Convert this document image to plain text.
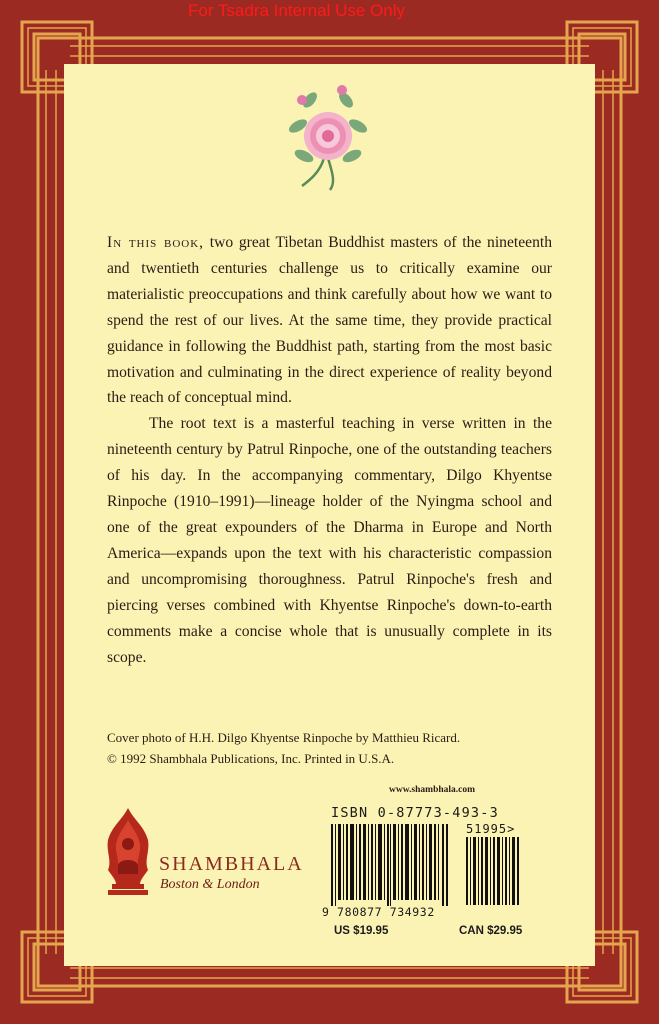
For Tsadra Internal Use Only

In this book, two great Tibetan Buddhist masters of the nineteenth and twentieth centuries challenge us to critically examine our materialistic preoccupations and think carefully about how we want to spend the rest of our lives. At the same time, they provide practical guidance in following the Buddhist path, starting from the most basic motivation and culminating in the direct experience of reality beyond the reach of conceptual mind.

The root text is a masterful teaching in verse written in the nineteenth century by Patrul Rinpoche, one of the outstanding teachers of his day. In the accompanying commentary, Dilgo Khyentse Rinpoche (1910–1991)—lineage holder of the Nyingma school and one of the great expounders of the Dharma in Europe and North America—expands upon the text with his characteristic compassion and uncompromising thoroughness. Patrul Rinpoche's fresh and piercing verses combined with Khyentse Rinpoche's down-to-earth comments make a concise whole that is unusually complete in its scope.

Cover photo of H.H. Dilgo Khyentse Rinpoche by Matthieu Ricard.
© 1992 Shambhala Publications, Inc. Printed in U.S.A.
www.shambhala.com
ISBN 0-87773-493-3
51995>
9 780877 734932
US $19.95	CAN $29.95
SHAMBHALA
Boston & London
